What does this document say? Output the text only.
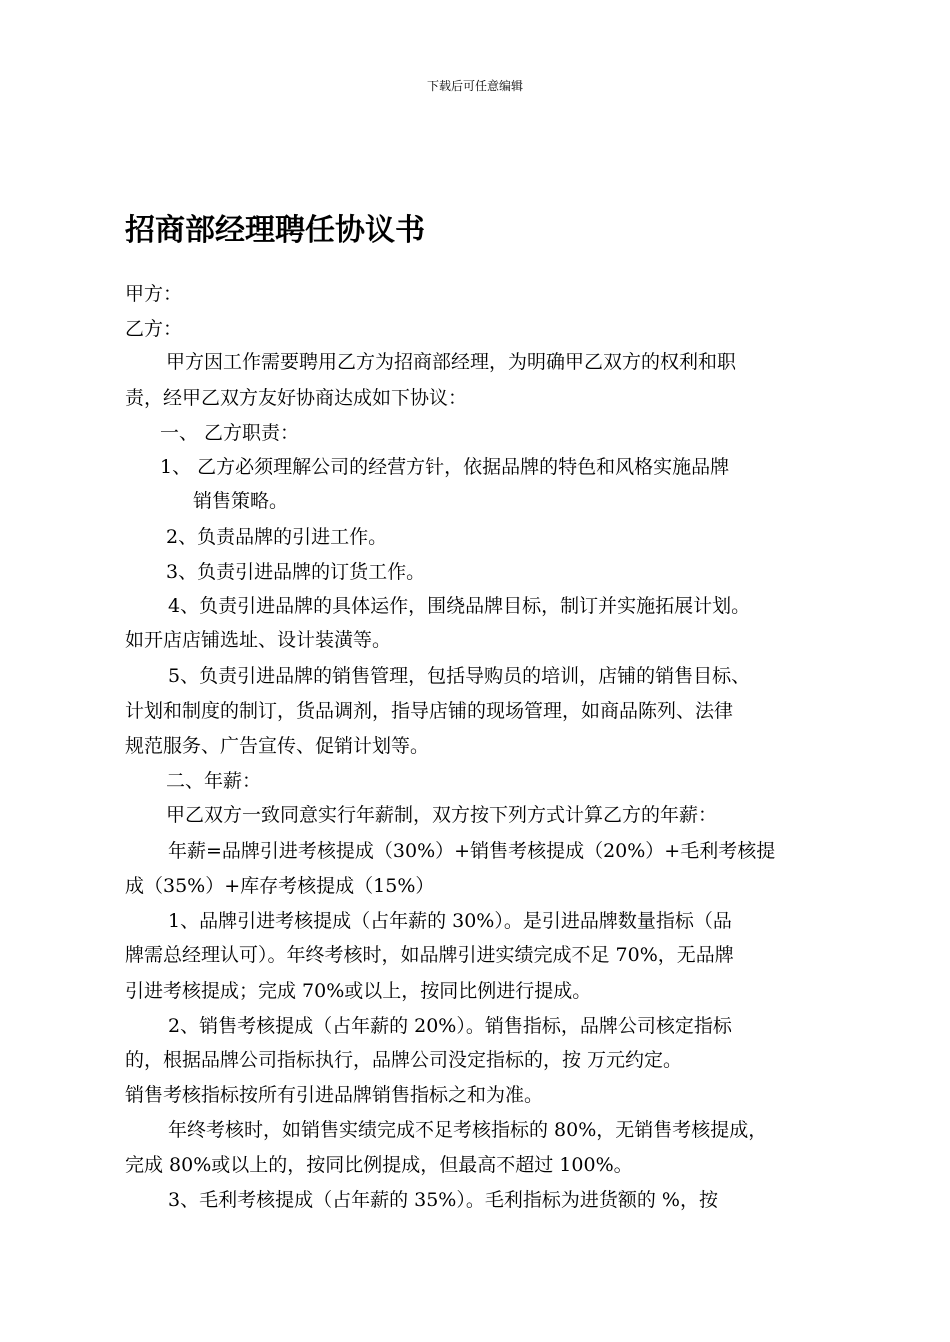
下载后可任意编辑
招商部经理聘任协议书
甲方：
乙方：
甲方因工作需要聘用乙方为招商部经理，为明确甲乙双方的权利和职
责，经甲乙双方友好协商达成如下协议：
一、 乙方职责：
1、 乙方必须理解公司的经营方针，依据品牌的特色和风格实施品牌
销售策略。
2、负责品牌的引进工作。
3、负责引进品牌的订货工作。
4、负责引进品牌的具体运作，围绕品牌目标，制订并实施拓展计划。
如开店店铺选址、设计装潢等。
5、负责引进品牌的销售管理，包括导购员的培训，店铺的销售目标、
计划和制度的制订，货品调剂，指导店铺的现场管理，如商品陈列、法律
规范服务、广告宣传、促销计划等。
二、年薪：
甲乙双方一致同意实行年薪制，双方按下列方式计算乙方的年薪：
年薪=品牌引进考核提成（30%）+销售考核提成（20%）+毛利考核提
成（35%）+库存考核提成（15%）
1、品牌引进考核提成（占年薪的 30%）。是引进品牌数量指标（品
牌需总经理认可）。年终考核时，如品牌引进实绩完成不足 70%，无品牌
引进考核提成；完成 70%或以上，按同比例进行提成。
2、销售考核提成（占年薪的 20%）。销售指标，品牌公司核定指标
的，根据品牌公司指标执行，品牌公司没定指标的，按 万元约定。
销售考核指标按所有引进品牌销售指标之和为准。
年终考核时，如销售实绩完成不足考核指标的 80%，无销售考核提成，
完成 80%或以上的，按同比例提成，但最高不超过 100%。
3、毛利考核提成（占年薪的 35%）。毛利指标为进货额的 %，按
